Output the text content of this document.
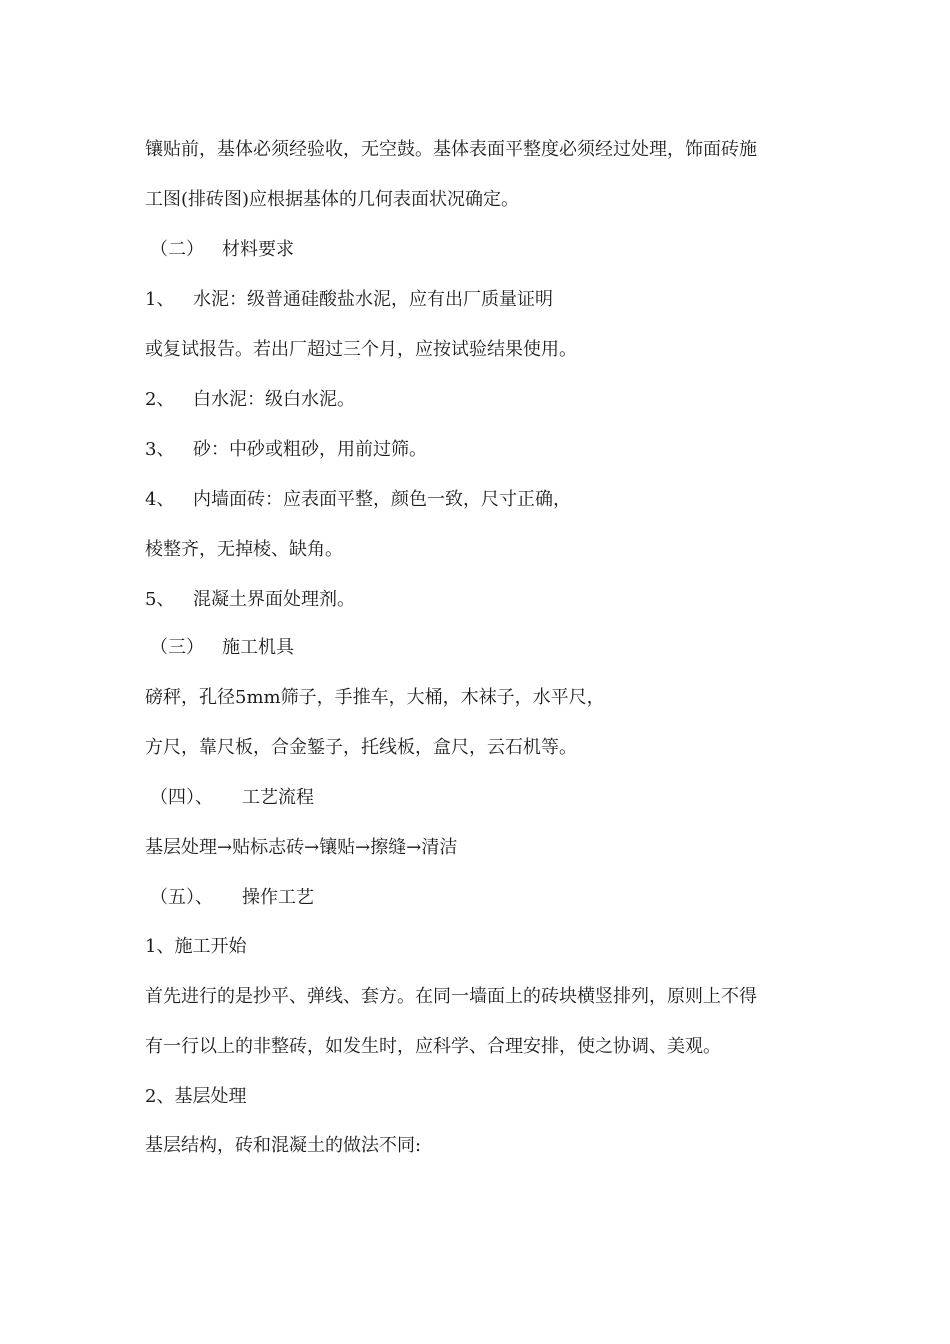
镶贴前，基体必须经验收，无空鼓。基体表面平整度必须经过处理，饰面砖施
工图(排砖图)应根据基体的几何表面状况确定。
（二） 材料要求
1、 水泥：级普通硅酸盐水泥，应有出厂质量证明
或复试报告。若出厂超过三个月，应按试验结果使用。
2、 白水泥：级白水泥。
3、 砂：中砂或粗砂，用前过筛。
4、 内墙面砖：应表面平整，颜色一致，尺寸正确，
棱整齐，无掉棱、缺角。
5、 混凝土界面处理剂。
（三） 施工机具
磅秤，孔径5mm筛子，手推车，大桶，木袜子，水平尺，
方尺，靠尺板，合金錾子，托线板，盒尺，云石机等。
（四）、 工艺流程
基层处理→贴标志砖→镶贴→擦缝→清洁
（五）、 操作工艺
1、施工开始
首先进行的是抄平、弹线、套方。在同一墙面上的砖块横竖排列，原则上不得
有一行以上的非整砖，如发生时，应科学、合理安排，使之协调、美观。
2、基层处理
基层结构，砖和混凝土的做法不同:
